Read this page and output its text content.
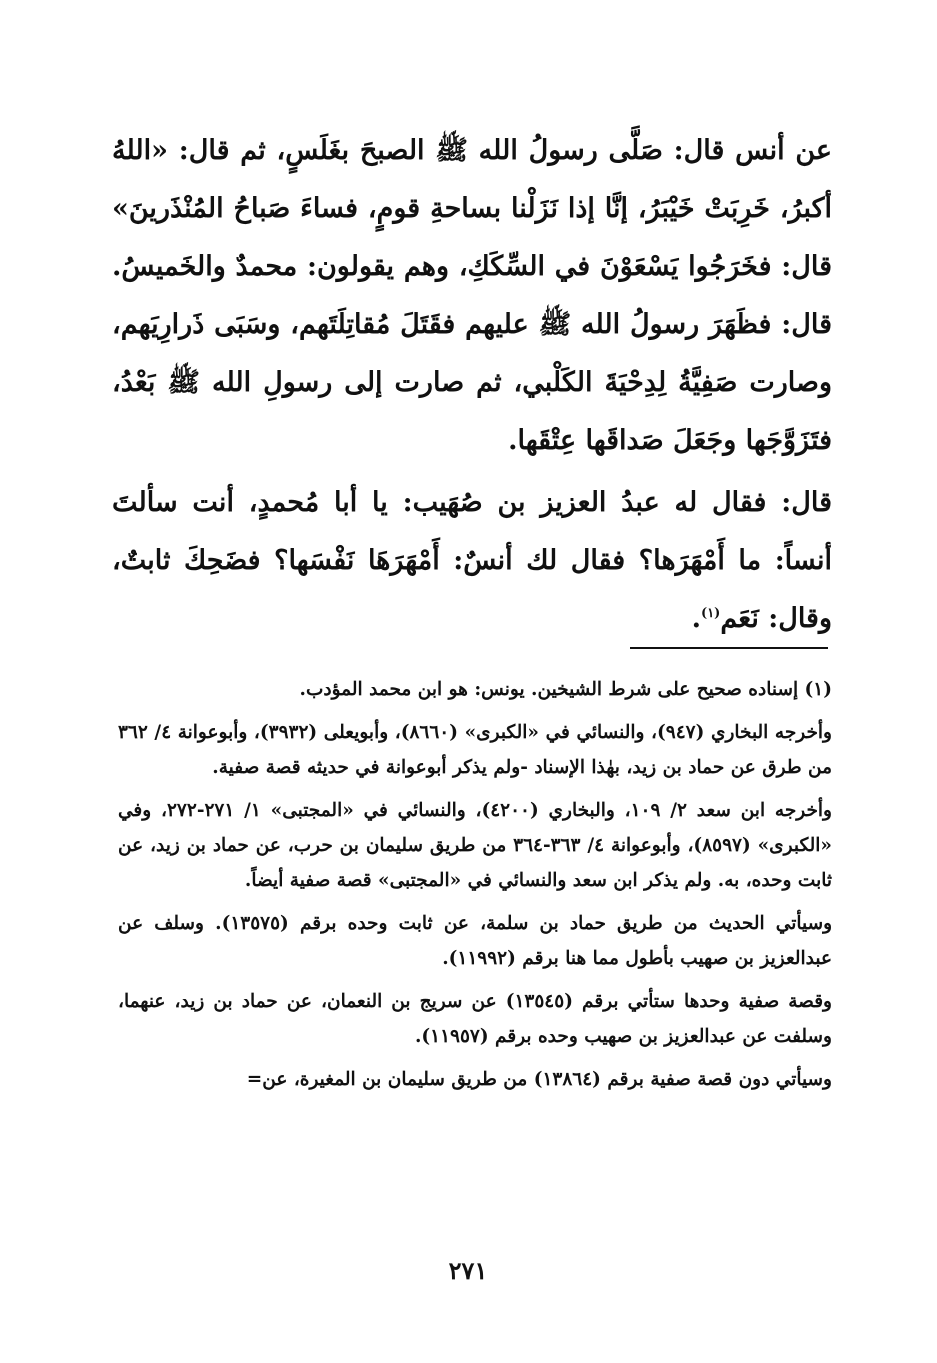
عن أنس قال: صَلَّى رسولُ الله ﷺ الصبحَ بغَلَسٍ، ثم قال: «اللهُ أكبرُ، خَرِبَتْ خَيْبَرُ، إنَّا إذا نَزَلْنا بساحةِ قومٍ، فساءَ صَباحُ المُنْذَرينَ» قال: فخَرَجُوا يَسْعَوْنَ في السِّكَكِ، وهم يقولون: محمدٌ والخَميسُ. قال: فظَهَرَ رسولُ الله ﷺ عليهم فقَتَلَ مُقاتِلَتَهم، وسَبَى ذَرارِيَهم، وصارت صَفِيَّةُ لِدِحْيَةَ الكَلْبي، ثم صارت إلى رسولِ الله ﷺ بَعْدُ، فتَزَوَّجَها وجَعَلَ صَداقَها عِتْقَها.

قال: فقال له عبدُ العزيز بن صُهَيب: يا أبا مُحمدٍ، أنت سألتَ أنساً: ما أَمْهَرَها؟ فقال لك أنسٌ: أَمْهَرَهَا نَفْسَها؟ فضَحِكَ ثابتٌ، وقال: نَعَم$^{(١)}$.

(١) إسناده صحيح على شرط الشيخين. يونس: هو ابن محمد المؤدب.

وأخرجه البخاري (٩٤٧)، والنسائي في «الكبرى» (٨٦٦٠)، وأبويعلى (٣٩٣٢)، وأبوعوانة ٤/ ٣٦٢ من طرق عن حماد بن زيد، بهٰذا الإسناد -ولم يذكر أبوعوانة في حديثه قصة صفية.

وأخرجه ابن سعد ٢/ ١٠٩، والبخاري (٤٢٠٠)، والنسائي في «المجتبى» ١/ ٢٧١-٢٧٢، وفي «الكبرى» (٨٥٩٧)، وأبوعوانة ٤/ ٣٦٣-٣٦٤ من طريق سليمان بن حرب، عن حماد بن زيد، عن ثابت وحده، به. ولم يذكر ابن سعد والنسائي في «المجتبى» قصة صفية أيضاً.

وسيأتي الحديث من طريق حماد بن سلمة، عن ثابت وحده برقم (١٣٥٧٥). وسلف عن عبدالعزيز بن صهيب بأطول مما هنا برقم (١١٩٩٢).

وقصة صفية وحدها ستأتي برقم (١٣٥٤٥) عن سريج بن النعمان، عن حماد بن زيد، عنهما، وسلفت عن عبدالعزيز بن صهيب وحده برقم (١١٩٥٧).

وسيأتي دون قصة صفية برقم (١٣٨٦٤) من طريق سليمان بن المغيرة، عن=

٢٧١
